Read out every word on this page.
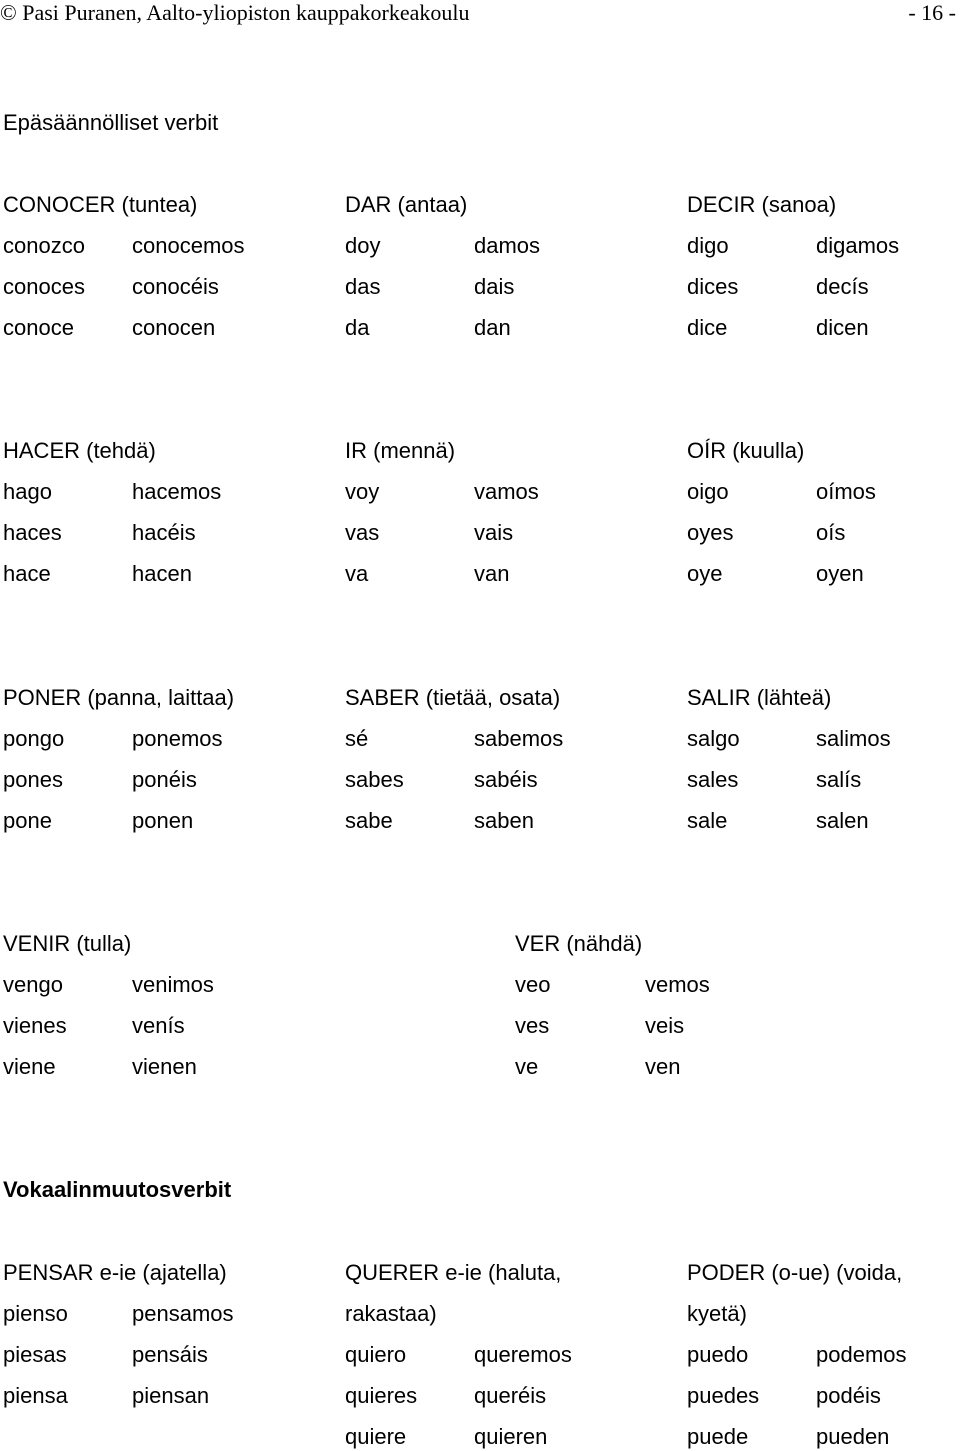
© Pasi Puranen, Aalto-yliopiston kauppakorkeakoulu	- 16 -
Epäsäännölliset verbit
CONOCER (tuntea)
conozco conocemos
conoces conocéis
conoce	conocen
DAR (antaa)
doy	damos
das	dais
da	dan
DECIR (sanoa)
digo	digamos
dices	decís
dice	dicen
HACER (tehdä)
hago	hacemos
haces	hacéis
hace	hacen
IR (mennä)
voy	vamos
vas	vais
va	van
OÍR (kuulla)
oigo	oímos
oyes	oís
oye	oyen
PONER (panna, laittaa)
pongo	ponemos
pones	ponéis
pone	ponen
SABER (tietää, osata)
sé	sabemos
sabes	sabéis
sabe	saben
SALIR (lähteä)
salgo	salimos
sales	salís
sale	salen
VENIR (tulla)
vengo	venimos
vienes	venís
viene	vienen
VER (nähdä)
veo	vemos
ves	veis
ve	ven
Vokaalinmuutosverbit
PENSAR e-ie (ajatella)
pienso	pensamos
piesas	pensáis
piensa	piensan
QUERER e-ie (haluta,
rakastaa)
quiero	queremos
quieres	queréis
quiere	quieren
PODER (o-ue) (voida,
kyetä)
puedo	podemos
puedes	podéis
puede	pueden
